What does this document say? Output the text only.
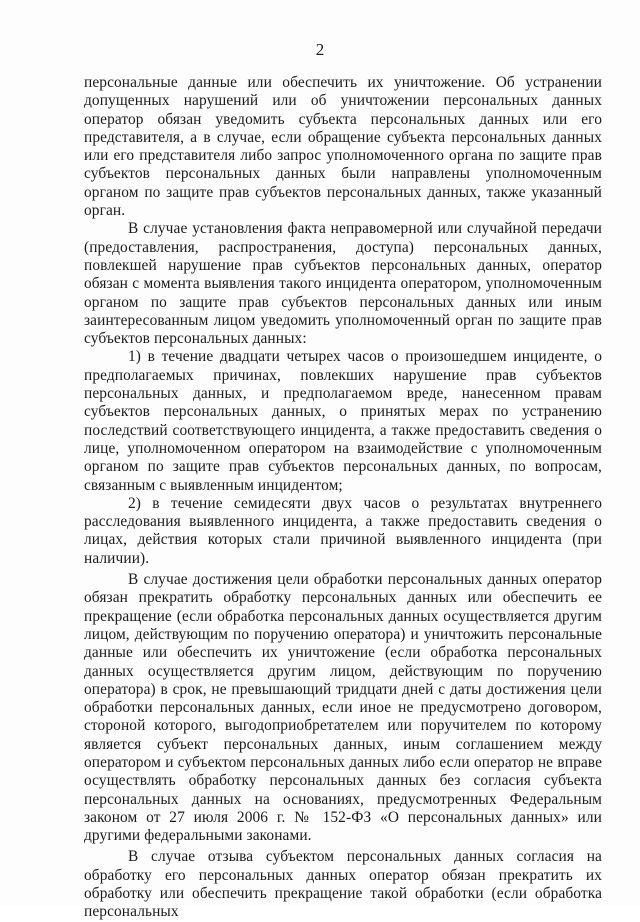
2

персональные данные или обеспечить их уничтожение. Об устранении допущенных нарушений или об уничтожении персональных данных оператор обязан уведомить субъекта персональных данных или его представителя, а в случае, если обращение субъекта персональных данных или его представителя либо запрос уполномоченного органа по защите прав субъектов персональных данных были направлены уполномоченным органом по защите прав субъектов персональных данных, также указанный орган.

В случае установления факта неправомерной или случайной передачи (предоставления, распространения, доступа) персональных данных, повлекшей нарушение прав субъектов персональных данных, оператор обязан с момента выявления такого инцидента оператором, уполномоченным органом по защите прав субъектов персональных данных или иным заинтересованным лицом уведомить уполномоченный орган по защите прав субъектов персональных данных:

1) в течение двадцати четырех часов о произошедшем инциденте, о предполагаемых причинах, повлекших нарушение прав субъектов персональных данных, и предполагаемом вреде, нанесенном правам субъектов персональных данных, о принятых мерах по устранению последствий соответствующего инцидента, а также предоставить сведения о лице, уполномоченном оператором на взаимодействие с уполномоченным органом по защите прав субъектов персональных данных, по вопросам, связанным с выявленным инцидентом;

2) в течение семидесяти двух часов о результатах внутреннего расследования выявленного инцидента, а также предоставить сведения о лицах, действия которых стали причиной выявленного инцидента (при наличии).

В случае достижения цели обработки персональных данных оператор обязан прекратить обработку персональных данных или обеспечить ее прекращение (если обработка персональных данных осуществляется другим лицом, действующим по поручению оператора) и уничтожить персональные данные или обеспечить их уничтожение (если обработка персональных данных осуществляется другим лицом, действующим по поручению оператора) в срок, не превышающий тридцати дней с даты достижения цели обработки персональных данных, если иное не предусмотрено договором, стороной которого, выгодоприобретателем или поручителем по которому является субъект персональных данных, иным соглашением между оператором и субъектом персональных данных либо если оператор не вправе осуществлять обработку персональных данных без согласия субъекта персональных данных на основаниях, предусмотренных Федеральным законом от 27 июля 2006 г. № 152-ФЗ «О персональных данных» или другими федеральными законами.

В случае отзыва субъектом персональных данных согласия на обработку его персональных данных оператор обязан прекратить их обработку или обеспечить прекращение такой обработки (если обработка персональных
